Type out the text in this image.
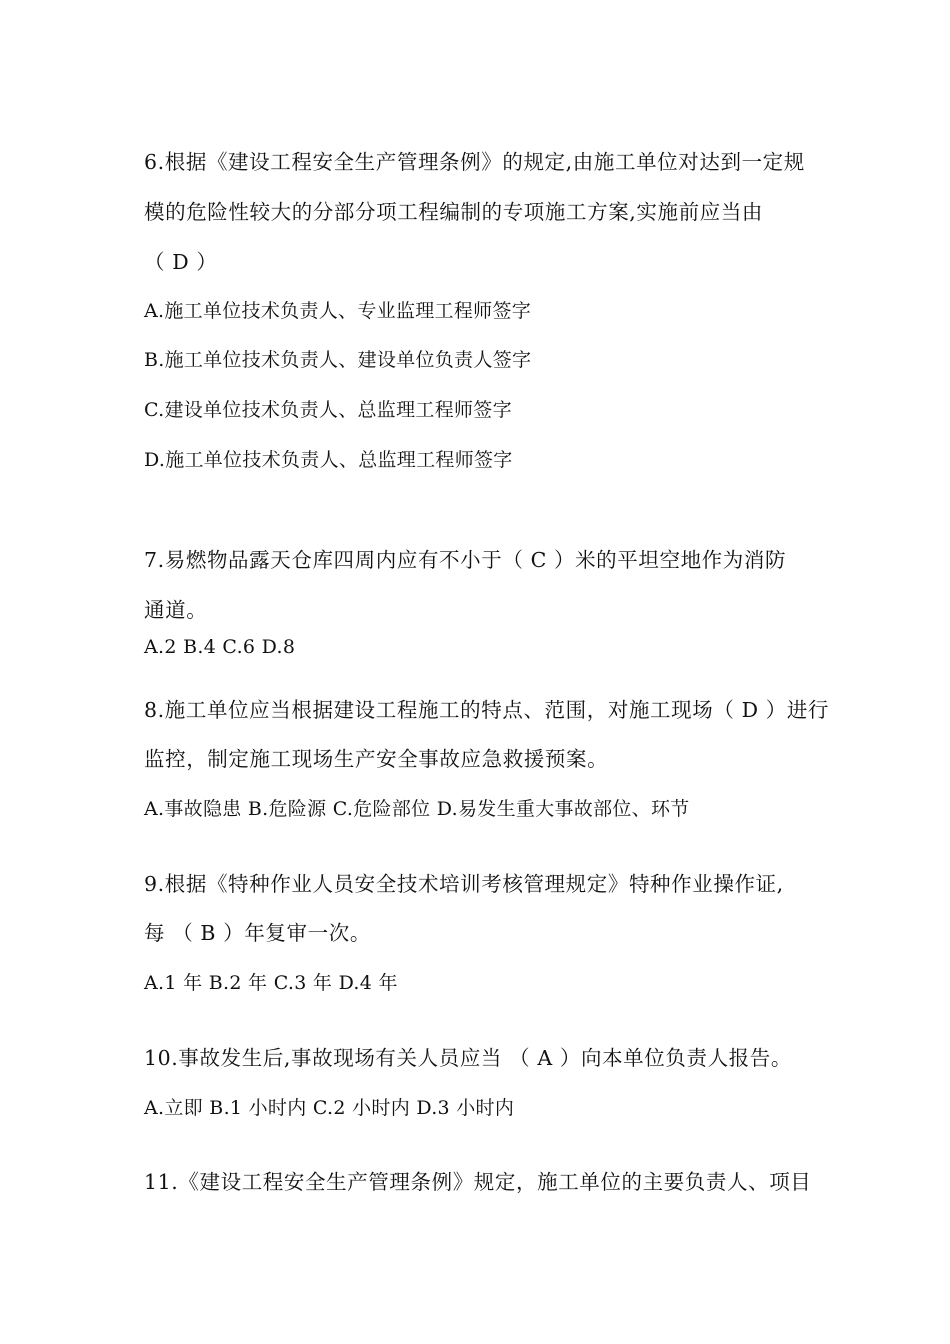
6.根据《建设工程安全生产管理条例》的规定,由施工单位对达到一定规
模的危险性较大的分部分项工程编制的专项施工方案,实施前应当由
（ D ）
A.施工单位技术负责人、专业监理工程师签字
B.施工单位技术负责人、建设单位负责人签字
C.建设单位技术负责人、总监理工程师签字
D.施工单位技术负责人、总监理工程师签字
7.易燃物品露天仓库四周内应有不小于（ C ）米的平坦空地作为消防
通道。
A.2 B.4 C.6 D.8
8.施工单位应当根据建设工程施工的特点、范围，对施工现场（ D ）进行
监控，制定施工现场生产安全事故应急救援预案。
A.事故隐患 B.危险源 C.危险部位 D.易发生重大事故部位、环节
9.根据《特种作业人员安全技术培训考核管理规定》特种作业操作证,
每 （ B ）年复审一次。
A.1 年 B.2 年 C.3 年 D.4 年
10.事故发生后,事故现场有关人员应当 （ A ）向本单位负责人报告。
A.立即 B.1 小时内 C.2 小时内 D.3 小时内
11.《建设工程安全生产管理条例》规定，施工单位的主要负责人、项目
